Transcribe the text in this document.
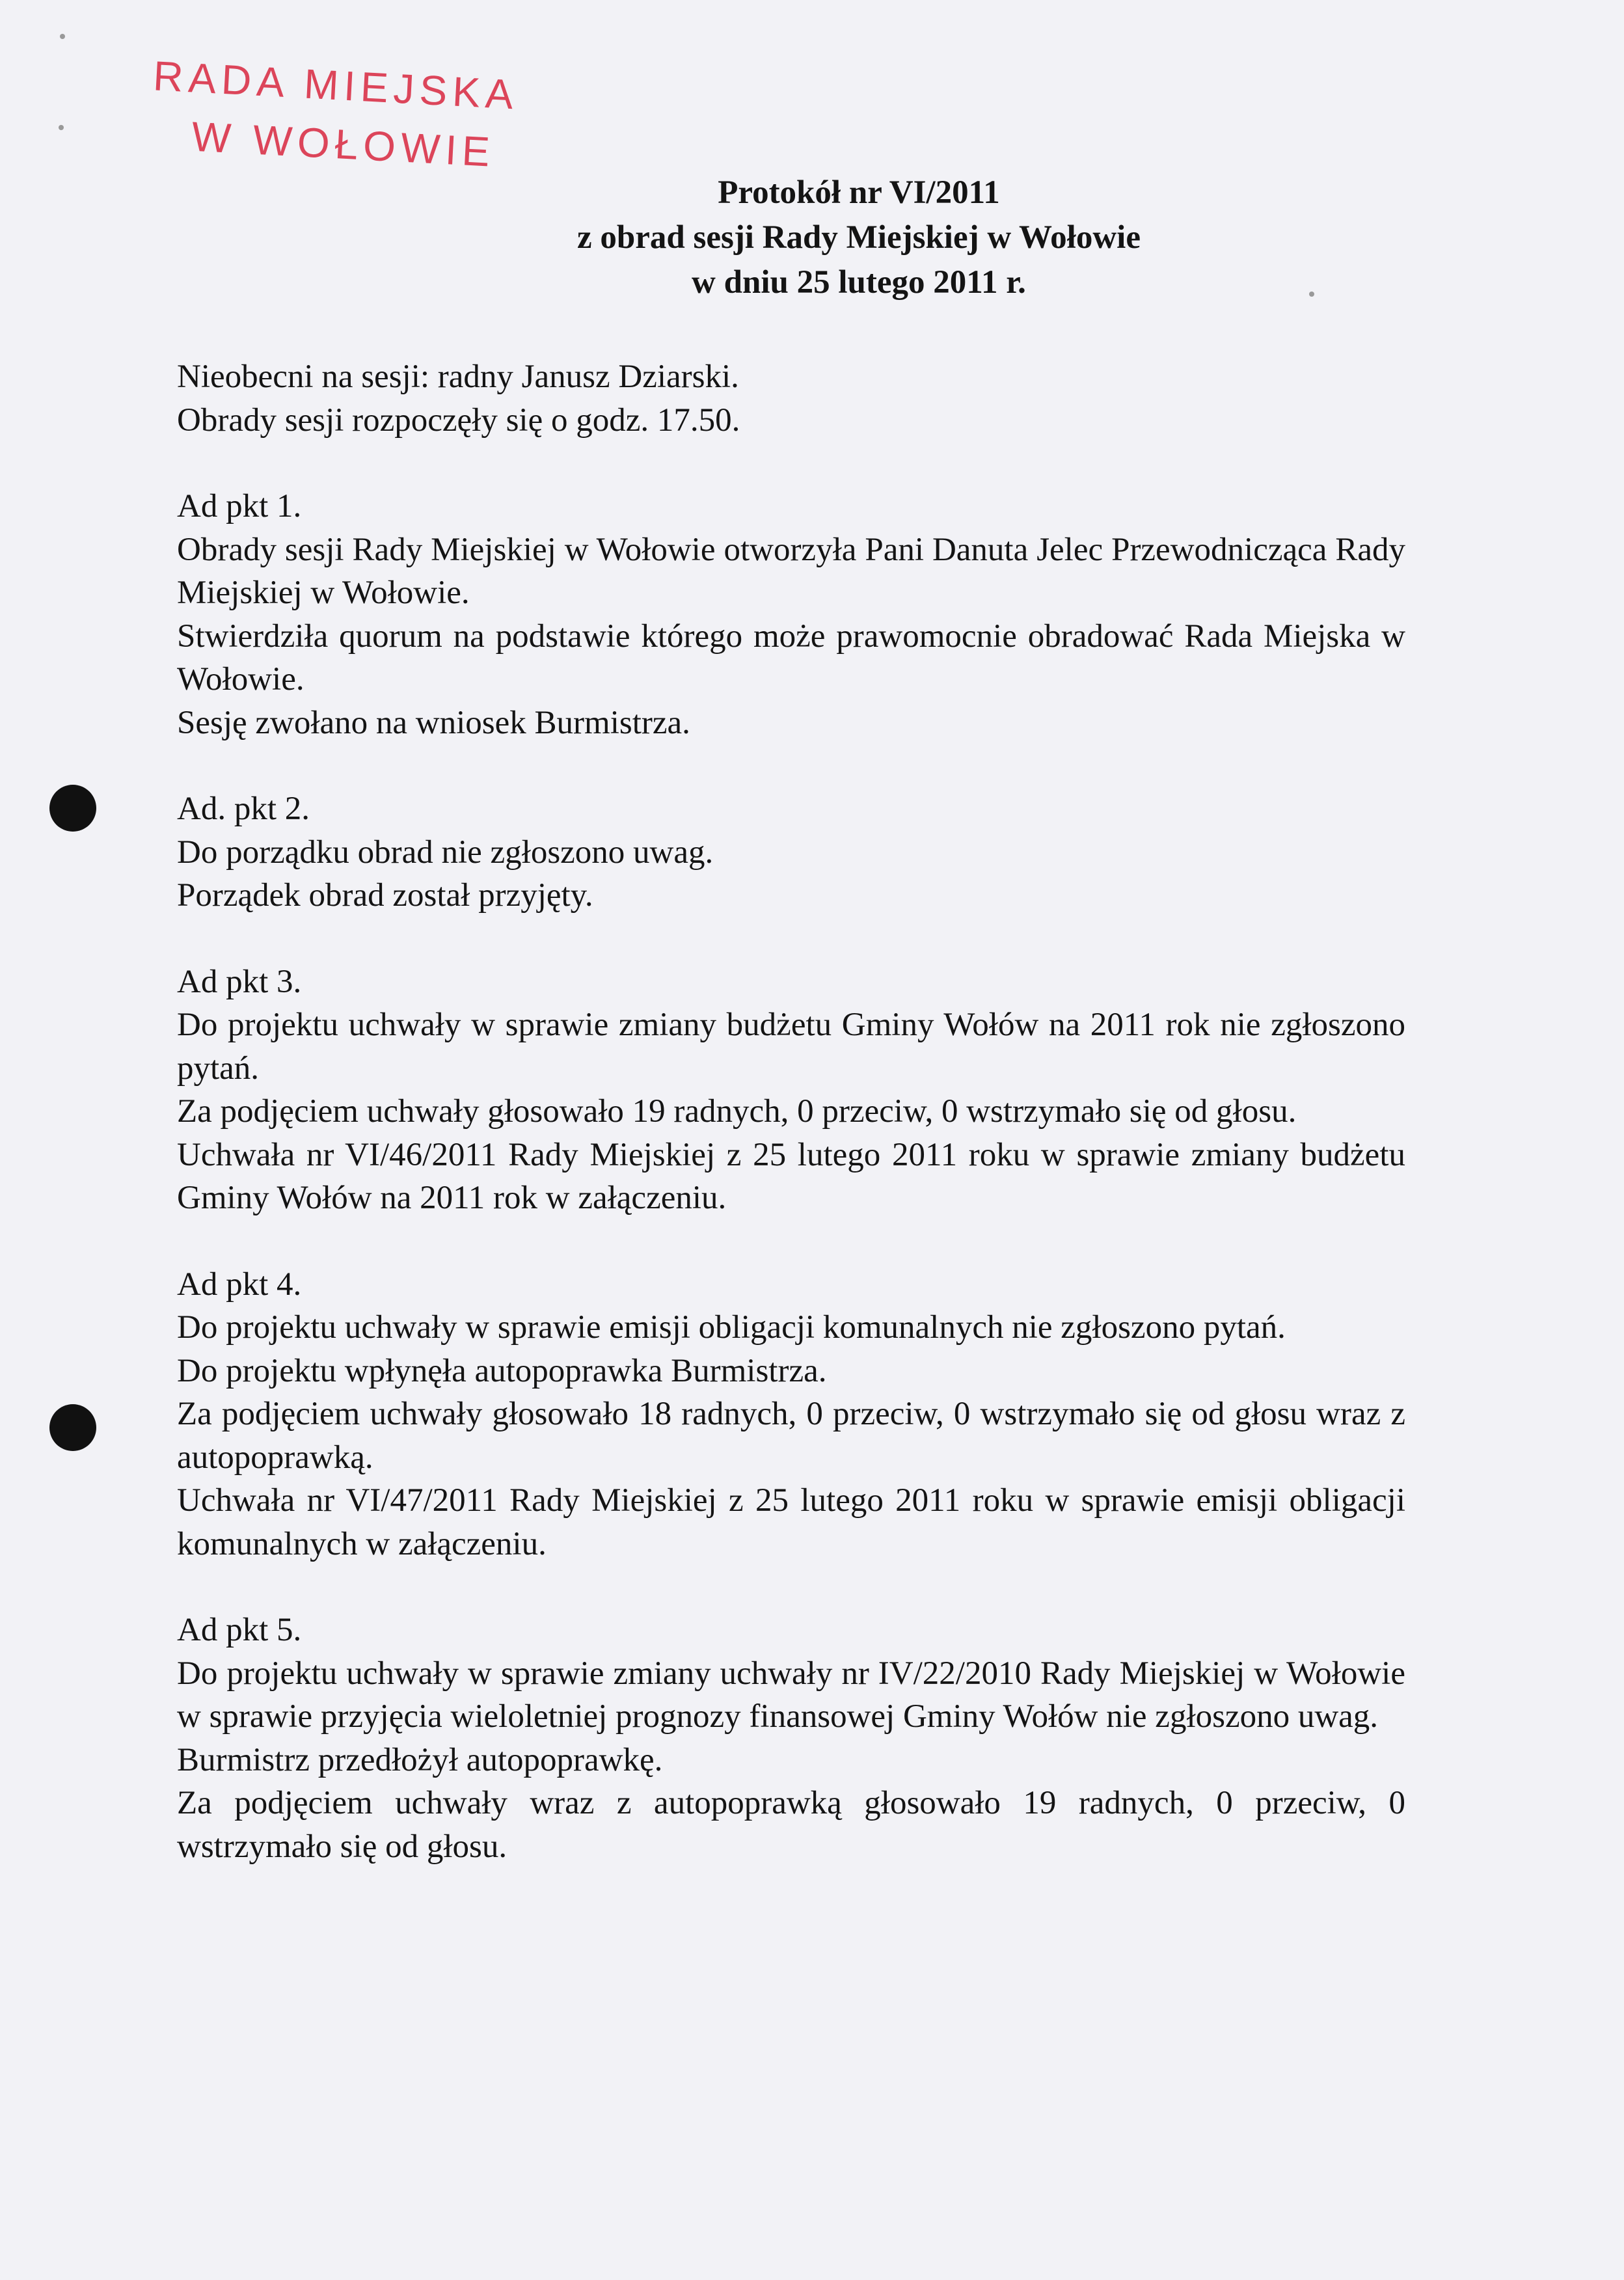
RADA MIEJSKA
W WOŁOWIE
Protokół nr VI/2011
z obrad sesji Rady Miejskiej w Wołowie
w dniu 25 lutego 2011 r.

Nieobecni na sesji: radny Janusz Dziarski.

Obrady sesji rozpoczęły się o godz. 17.50.

Ad pkt 1.

Obrady sesji Rady Miejskiej w Wołowie otworzyła Pani Danuta Jelec Przewodnicząca Rady Miejskiej w Wołowie.

Stwierdziła quorum na podstawie którego może prawomocnie obradować Rada Miejska w Wołowie.

Sesję zwołano na wniosek Burmistrza.

Ad. pkt 2.

Do porządku obrad nie zgłoszono uwag.

Porządek obrad został przyjęty.

Ad pkt 3.

Do projektu uchwały w sprawie zmiany budżetu Gminy Wołów na 2011 rok nie zgłoszono pytań.

Za podjęciem uchwały głosowało 19 radnych, 0 przeciw, 0 wstrzymało się od głosu.

Uchwała nr VI/46/2011 Rady Miejskiej z 25 lutego 2011 roku w sprawie zmiany budżetu Gminy Wołów na 2011 rok w załączeniu.

Ad pkt 4.

Do projektu uchwały w sprawie emisji obligacji komunalnych nie zgłoszono pytań.

Do projektu wpłynęła autopoprawka Burmistrza.

Za podjęciem uchwały głosowało 18 radnych, 0 przeciw, 0 wstrzymało się od głosu wraz z autopoprawką.

Uchwała nr VI/47/2011 Rady Miejskiej z 25 lutego 2011 roku w sprawie emisji obligacji komunalnych w załączeniu.

Ad pkt 5.

Do projektu uchwały w sprawie zmiany uchwały nr IV/22/2010 Rady Miejskiej w Wołowie w sprawie przyjęcia wieloletniej prognozy finansowej Gminy Wołów nie zgłoszono uwag.

Burmistrz przedłożył autopoprawkę.

Za podjęciem uchwały wraz z autopoprawką głosowało 19 radnych, 0 przeciw, 0 wstrzymało się od głosu.
